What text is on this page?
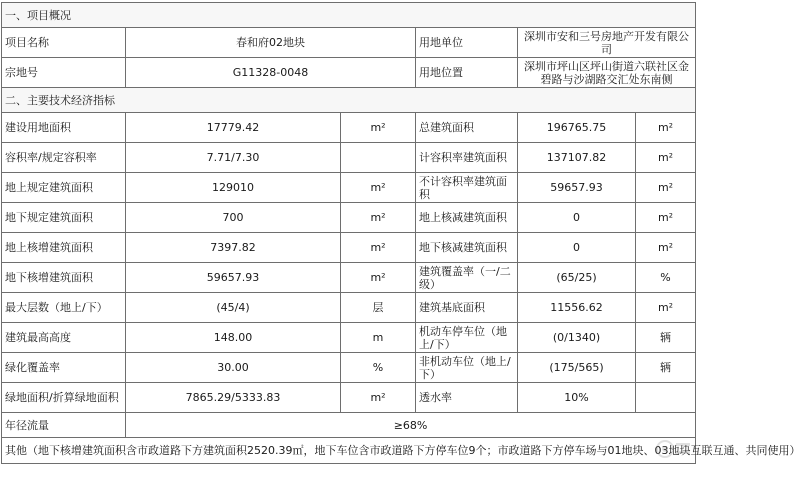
一、项目概况					
项目名称	春和府02地块		用地单位	深圳市安和三号房地产开发有限公司	
宗地号	G11328-0048		用地位置	深圳市坪山区坪山街道六联社区金碧路与沙湖路交汇处东南侧	
二、主要技术经济指标					
建设用地面积	17779.42	m²	总建筑面积	196765.75	m²
容积率/规定容积率	7.71/7.30		计容积率建筑面积	137107.82	m²
地上规定建筑面积	129010	m²	不计容积率建筑面积	59657.93	m²
地下规定建筑面积	700	m²	地上核减建筑面积	0	m²
地上核增建筑面积	7397.82	m²	地下核减建筑面积	0	m²
地下核增建筑面积	59657.93	m²	建筑覆盖率（一/二级）	(65/25)	%
最大层数（地上/下）	(45/4)	层	建筑基底面积	11556.62	m²
建筑最高高度	148.00	m	机动车停车位（地上/下）	(0/1340)	辆
绿化覆盖率	30.00	%	非机动车位（地上/下）	(175/565)	辆
绿地面积/折算绿地面积	7865.29/5333.83	m²	透水率	10%	
年径流量	≥68%				
其他（地下核增建筑面积含市政道路下方建筑面积2520.39㎡，地下车位含市政道路下方停车位9个；市政道路下方停车场与01地块、03地块互联互通、共同使用）					
